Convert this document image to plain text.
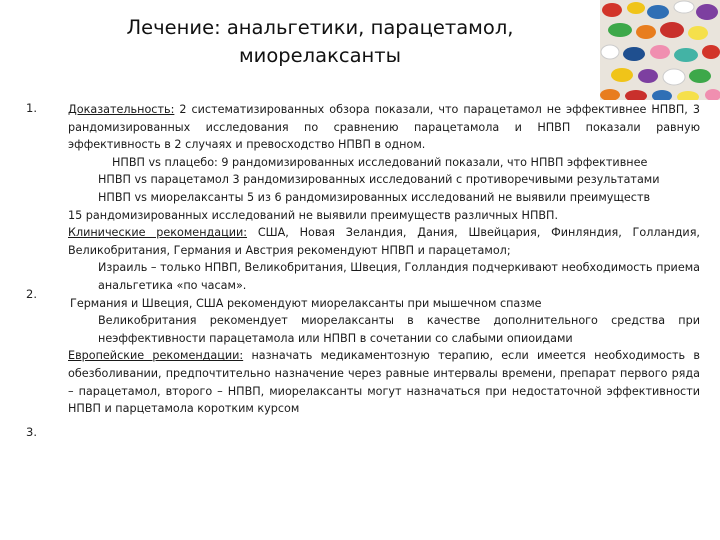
Лечение: анальгетики, парацетамол,
миорелаксанты
1.
2.
3.

Доказательность: 2 систематизированных обзора показали, что парацетамол не эффективнее НПВП, 3 рандомизированных исследования по сравнению парацетамола и НПВП показали равную эффективность в 2 случаях и превосходство НПВП в одном.

НПВП vs плацебо: 9 рандомизированных исследований показали, что НПВП эффективнее

НПВП vs парацетамол 3 рандомизированных исследований с противоречивыми результатами

НПВП vs миорелаксанты 5 из 6 рандомизированных исследований не выявили преимуществ

15 рандомизированных исследований не выявили преимуществ различных НПВП.

Клинические рекомендации: США, Новая Зеландия, Дания, Швейцария, Финляндия, Голландия, Великобритания, Германия и Австрия рекомендуют НПВП и парацетамол;

Израиль – только НПВП, Великобритания, Швеция, Голландия подчеркивают необходимость приема анальгетика «по часам».

Германия и Швеция, США рекомендуют миорелаксанты при мышечном спазме

Великобритания рекомендует миорелаксанты в качестве дополнительного средства при неэффективности парацетамола или НПВП в сочетании со слабыми опиоидами

Европейские рекомендации: назначать медикаментозную терапию, если имеется необходимость в обезболивании, предпочтительно назначение через равные интервалы времени, препарат первого ряда – парацетамол, второго – НПВП, миорелаксанты могут назначаться при недостаточной эффективности НПВП и парцетамола коротким курсом
